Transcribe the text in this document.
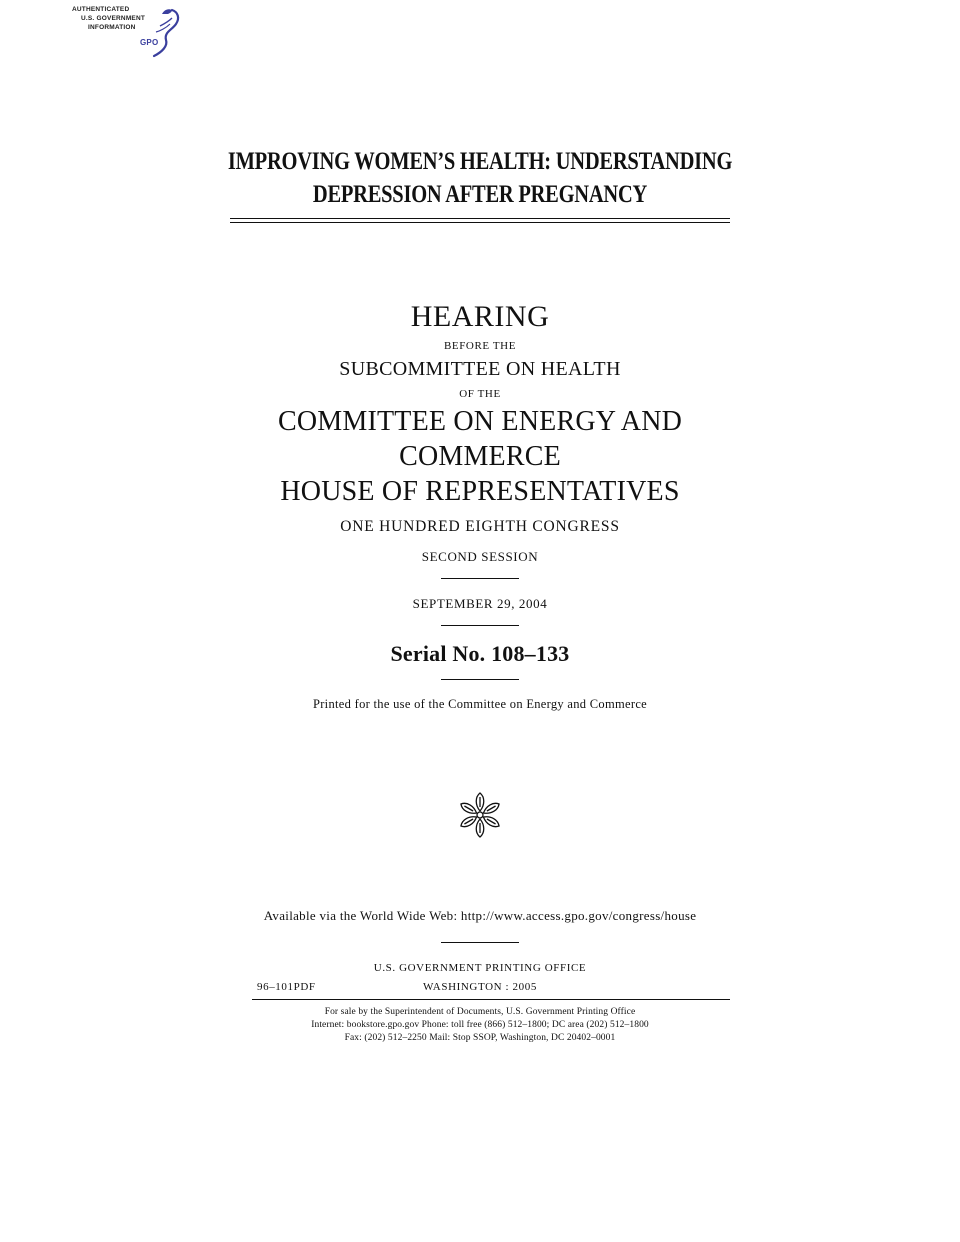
AUTHENTICATED
U.S. GOVERNMENT
INFORMATION
GPO
IMPROVING WOMEN’S HEALTH: UNDERSTANDING
DEPRESSION AFTER PREGNANCY
HEARING
BEFORE THE
SUBCOMMITTEE ON HEALTH
OF THE
COMMITTEE ON ENERGY AND
COMMERCE
HOUSE OF REPRESENTATIVES
ONE HUNDRED EIGHTH CONGRESS
SECOND SESSION
SEPTEMBER 29, 2004
Serial No. 108–133
Printed for the use of the Committee on Energy and Commerce
Available via the World Wide Web: http://www.access.gpo.gov/congress/house
U.S. GOVERNMENT PRINTING OFFICE
96–101PDF	WASHINGTON : 2005
For sale by the Superintendent of Documents, U.S. Government Printing Office
Internet: bookstore.gpo.gov Phone: toll free (866) 512–1800; DC area (202) 512–1800
Fax: (202) 512–2250 Mail: Stop SSOP, Washington, DC 20402–0001
